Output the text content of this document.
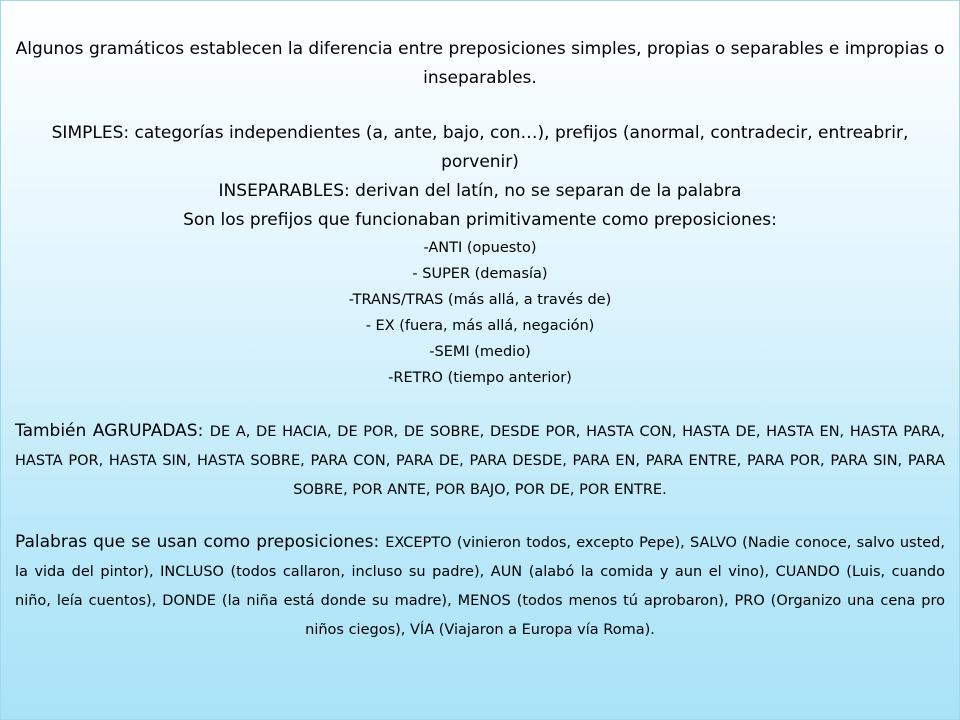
Algunos gramáticos establecen la diferencia entre preposiciones simples, propias o separables e impropias o inseparables.

SIMPLES: categorías independientes (a, ante, bajo, con…), prefijos (anormal, contradecir, entreabrir, porvenir)

INSEPARABLES: derivan del latín, no se separan de la palabra

Son los prefijos que funcionaban primitivamente como preposiciones:

-ANTI (opuesto)

- SUPER (demasía)

-TRANS/TRAS (más allá, a través de)

- EX (fuera, más allá, negación)

-SEMI (medio)

-RETRO (tiempo anterior)

También AGRUPADAS: DE A, DE HACIA, DE POR, DE SOBRE, DESDE POR, HASTA CON, HASTA DE, HASTA EN, HASTA PARA, HASTA POR, HASTA SIN, HASTA SOBRE, PARA CON, PARA DE, PARA DESDE, PARA EN, PARA ENTRE, PARA POR, PARA SIN, PARA SOBRE, POR ANTE, POR BAJO, POR DE, POR ENTRE.

Palabras que se usan como preposiciones: EXCEPTO (vinieron todos, excepto Pepe), SALVO (Nadie conoce, salvo usted, la vida del pintor), INCLUSO (todos callaron, incluso su padre), AUN (alabó la comida y aun el vino), CUANDO (Luis, cuando niño, leía cuentos), DONDE (la niña está donde su madre), MENOS (todos menos tú aprobaron), PRO (Organizo una cena pro niños ciegos), VÍA (Viajaron a Europa vía Roma).
